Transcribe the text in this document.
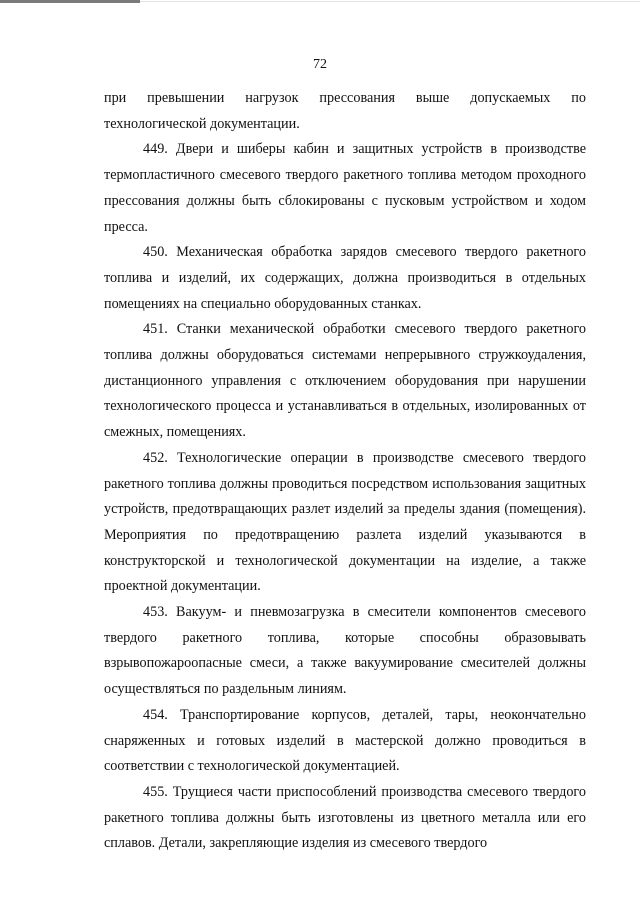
72

при превышении нагрузок прессования выше допускаемых по технологической документации.

449. Двери и шиберы кабин и защитных устройств в производстве термопластичного смесевого твердого ракетного топлива методом проходного прессования должны быть сблокированы с пусковым устройством и ходом пресса.

450. Механическая обработка зарядов смесевого твердого ракетного топлива и изделий, их содержащих, должна производиться в отдельных помещениях на специально оборудованных станках.

451. Станки механической обработки смесевого твердого ракетного топлива должны оборудоваться системами непрерывного стружкоудаления, дистанционного управления с отключением оборудования при нарушении технологического процесса и устанавливаться в отдельных, изолированных от смежных, помещениях.

452. Технологические операции в производстве смесевого твердого ракетного топлива должны проводиться посредством использования защитных устройств, предотвращающих разлет изделий за пределы здания (помещения). Мероприятия по предотвращению разлета изделий указываются в конструкторской и технологической документации на изделие, а также проектной документации.

453. Вакуум- и пневмозагрузка в смесители компонентов смесевого твердого ракетного топлива, которые способны образовывать взрывопожароопасные смеси, а также вакуумирование смесителей должны осуществляться по раздельным линиям.

454. Транспортирование корпусов, деталей, тары, неокончательно снаряженных и готовых изделий в мастерской должно проводиться в соответствии с технологической документацией.

455. Трущиеся части приспособлений производства смесевого твердого ракетного топлива должны быть изготовлены из цветного металла или его сплавов. Детали, закрепляющие изделия из смесевого твердого
